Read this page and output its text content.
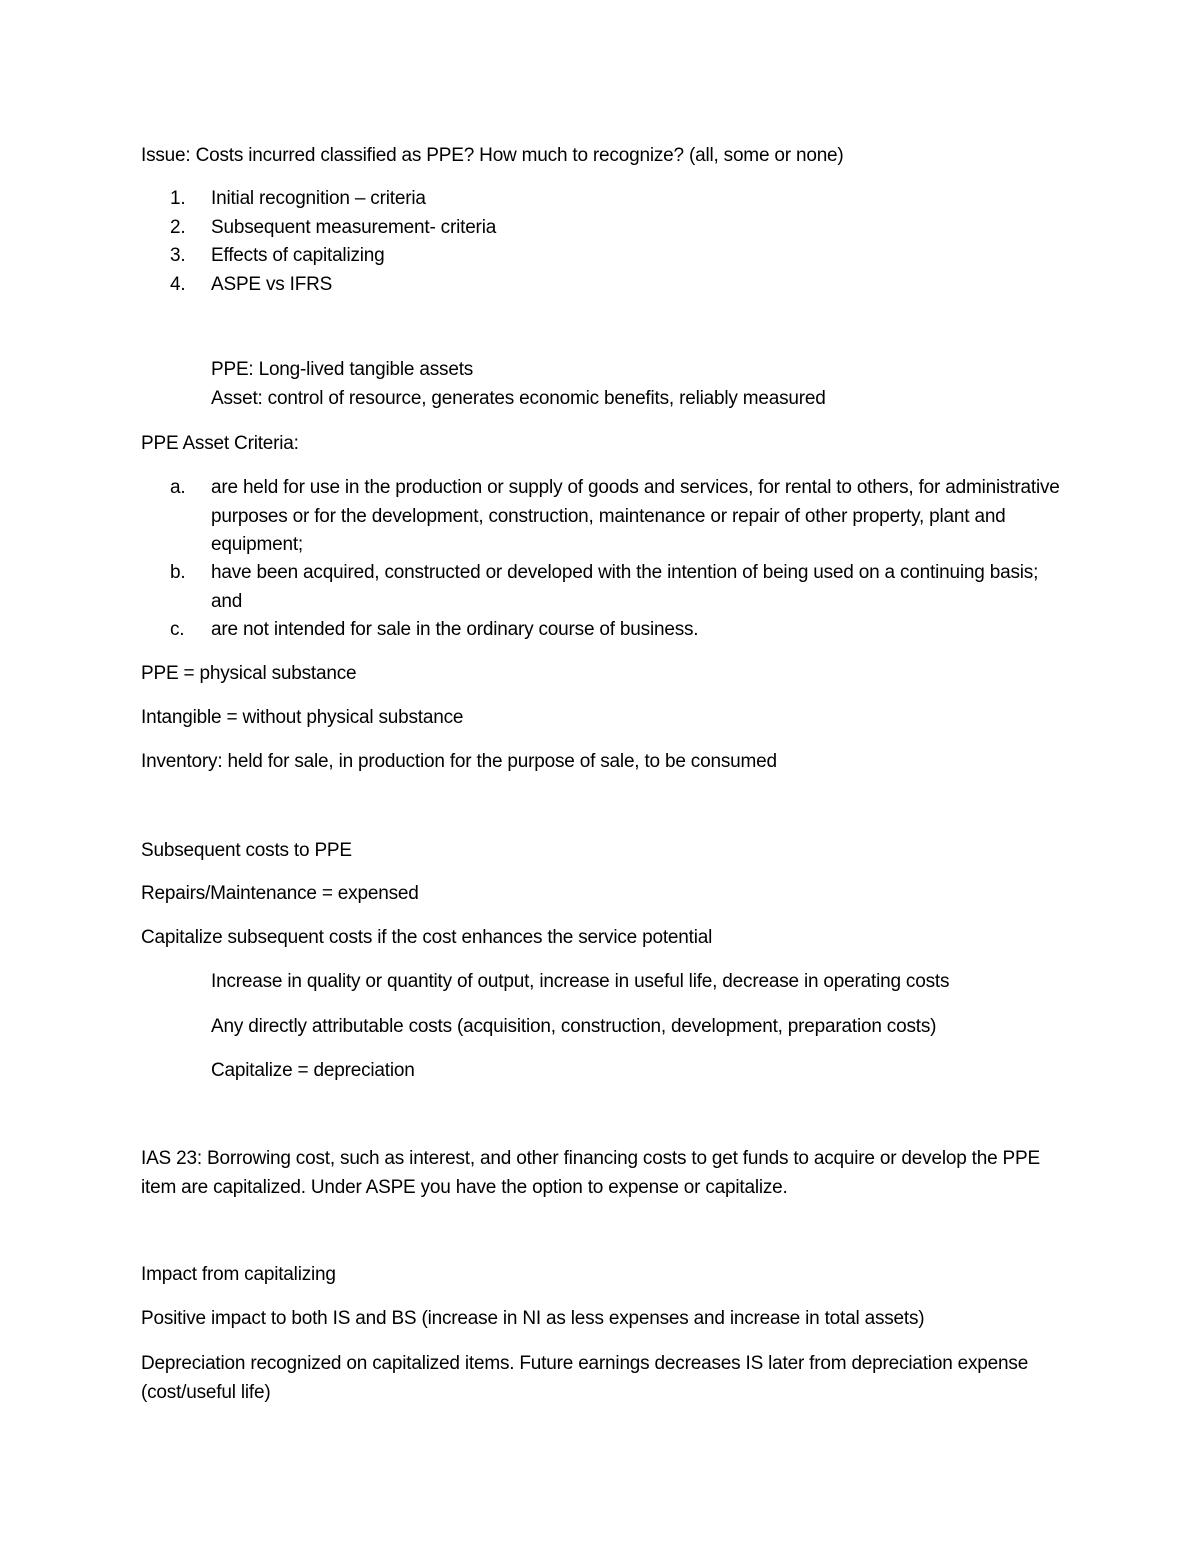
Issue: Costs incurred classified as PPE? How much to recognize? (all, some or none)
1.	Initial recognition – criteria
2.	Subsequent measurement- criteria
3.	Effects of capitalizing
4.	ASPE vs IFRS
PPE: Long-lived tangible assets
Asset: control of resource, generates economic benefits, reliably measured
PPE Asset Criteria:
a.	are held for use in the production or supply of goods and services, for rental to others, for administrative purposes or for the development, construction, maintenance or repair of other property, plant and equipment;
b.	have been acquired, constructed or developed with the intention of being used on a continuing basis; and
c.	are not intended for sale in the ordinary course of business.
PPE = physical substance
Intangible = without physical substance
Inventory: held for sale, in production for the purpose of sale, to be consumed
Subsequent costs to PPE
Repairs/Maintenance = expensed
Capitalize subsequent costs if the cost enhances the service potential
Increase in quality or quantity of output, increase in useful life, decrease in operating costs
Any directly attributable costs (acquisition, construction, development, preparation costs)
Capitalize = depreciation
IAS 23: Borrowing cost, such as interest, and other financing costs to get funds to acquire or develop the PPE item are capitalized. Under ASPE you have the option to expense or capitalize.
Impact from capitalizing
Positive impact to both IS and BS (increase in NI as less expenses and increase in total assets)
Depreciation recognized on capitalized items. Future earnings decreases IS later from depreciation expense (cost/useful life)
